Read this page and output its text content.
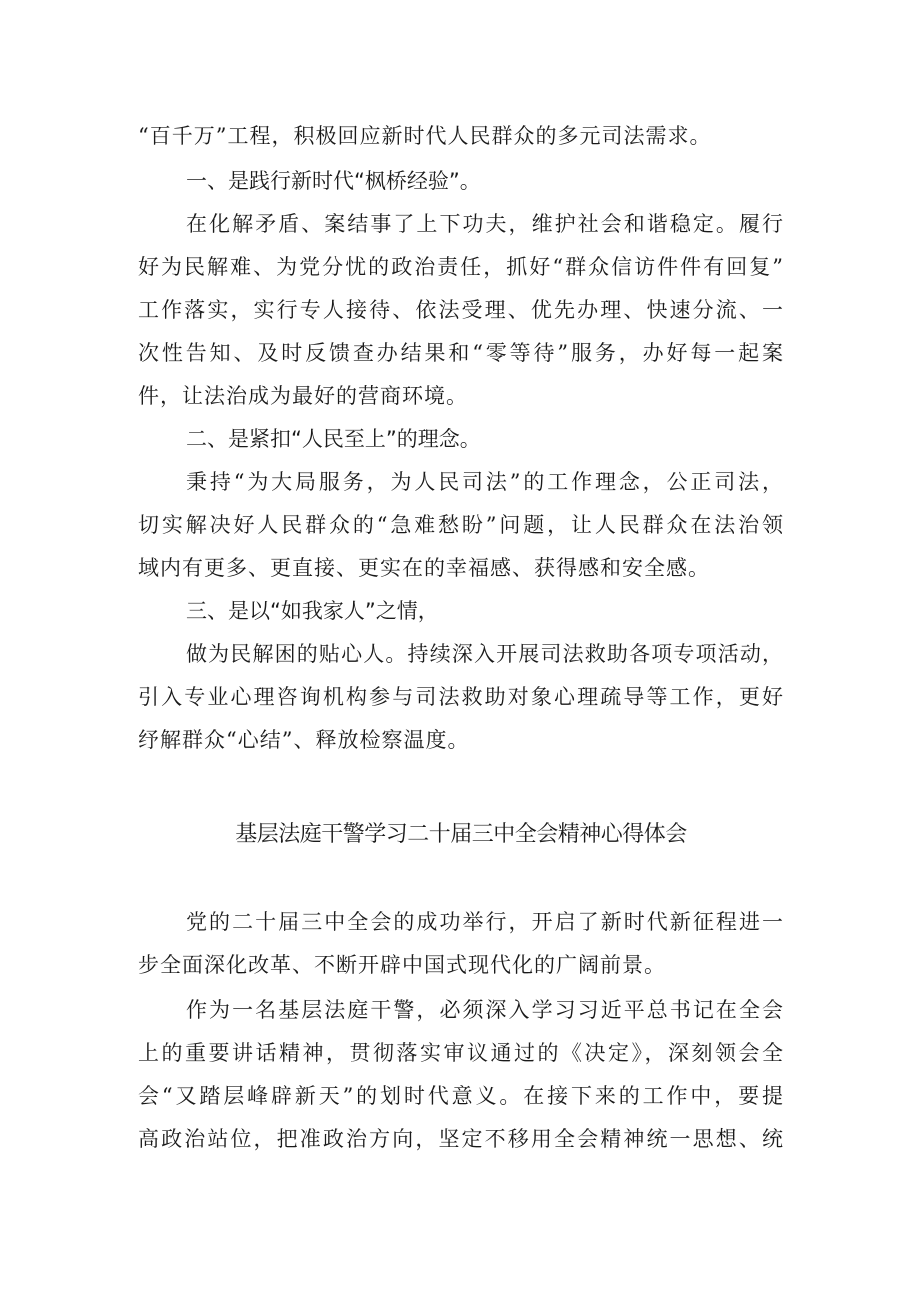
“百千万”工程，积极回应新时代人民群众的多元司法需求。
一、是践行新时代“枫桥经验”。
在化解矛盾、案结事了上下功夫，维护社会和谐稳定。履行
好为民解难、为党分忧的政治责任，抓好“群众信访件件有回复”
工作落实，实行专人接待、依法受理、优先办理、快速分流、一
次性告知、及时反馈查办结果和“零等待”服务，办好每一起案
件，让法治成为最好的营商环境。
二、是紧扣“人民至上”的理念。
秉持“为大局服务，为人民司法”的工作理念，公正司法，
切实解决好人民群众的“急难愁盼”问题，让人民群众在法治领
域内有更多、更直接、更实在的幸福感、获得感和安全感。
三、是以“如我家人”之情，
做为民解困的贴心人。持续深入开展司法救助各项专项活动，
引入专业心理咨询机构参与司法救助对象心理疏导等工作，更好
纾解群众“心结”、释放检察温度。
基层法庭干警学习二十届三中全会精神心得体会
党的二十届三中全会的成功举行，开启了新时代新征程进一
步全面深化改革、不断开辟中国式现代化的广阔前景。
作为一名基层法庭干警，必须深入学习习近平总书记在全会
上的重要讲话精神，贯彻落实审议通过的《决定》，深刻领会全
会“又踏层峰辟新天”的划时代意义。在接下来的工作中，要提
高政治站位，把准政治方向，坚定不移用全会精神统一思想、统
